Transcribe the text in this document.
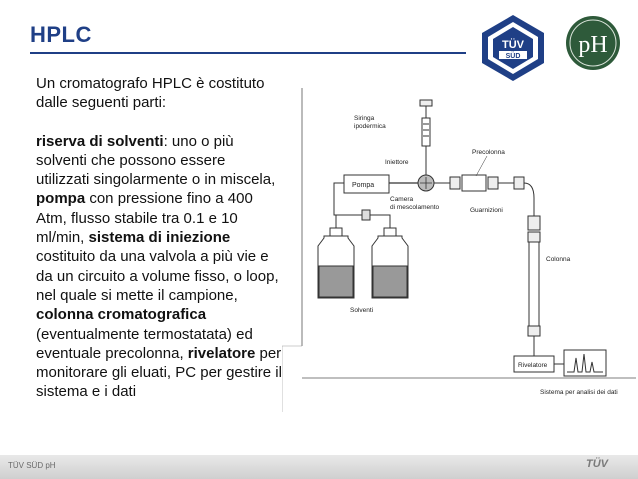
HPLC	TÜV
SÜD pH
Un cromatografo HPLC è costituto dalle seguenti parti:
riserva di solventi: uno o più solventi che possono essere utilizzati singolarmente o in miscela, pompa con pressione fino a 400 Atm, flusso stabile tra 0.1 e 10 ml/min, sistema di iniezione costituito da una valvola a più vie e da un circuito a volume fisso, o loop, nel quale si mette il campione, colonna cromatografica (eventualmente termostatata) ed eventuale precolonna, rivelatore per monitorare gli eluati, PC per gestire il sistema e i dati
Siringa
ipodermica
Iniettore
Pompa
Precolonna
Camera
di mescolamento	Guarnizioni
Colonna
Rivelatore
Sistema per analisi dei dati
Solventi
TÜV SÜD pH	TÜV
